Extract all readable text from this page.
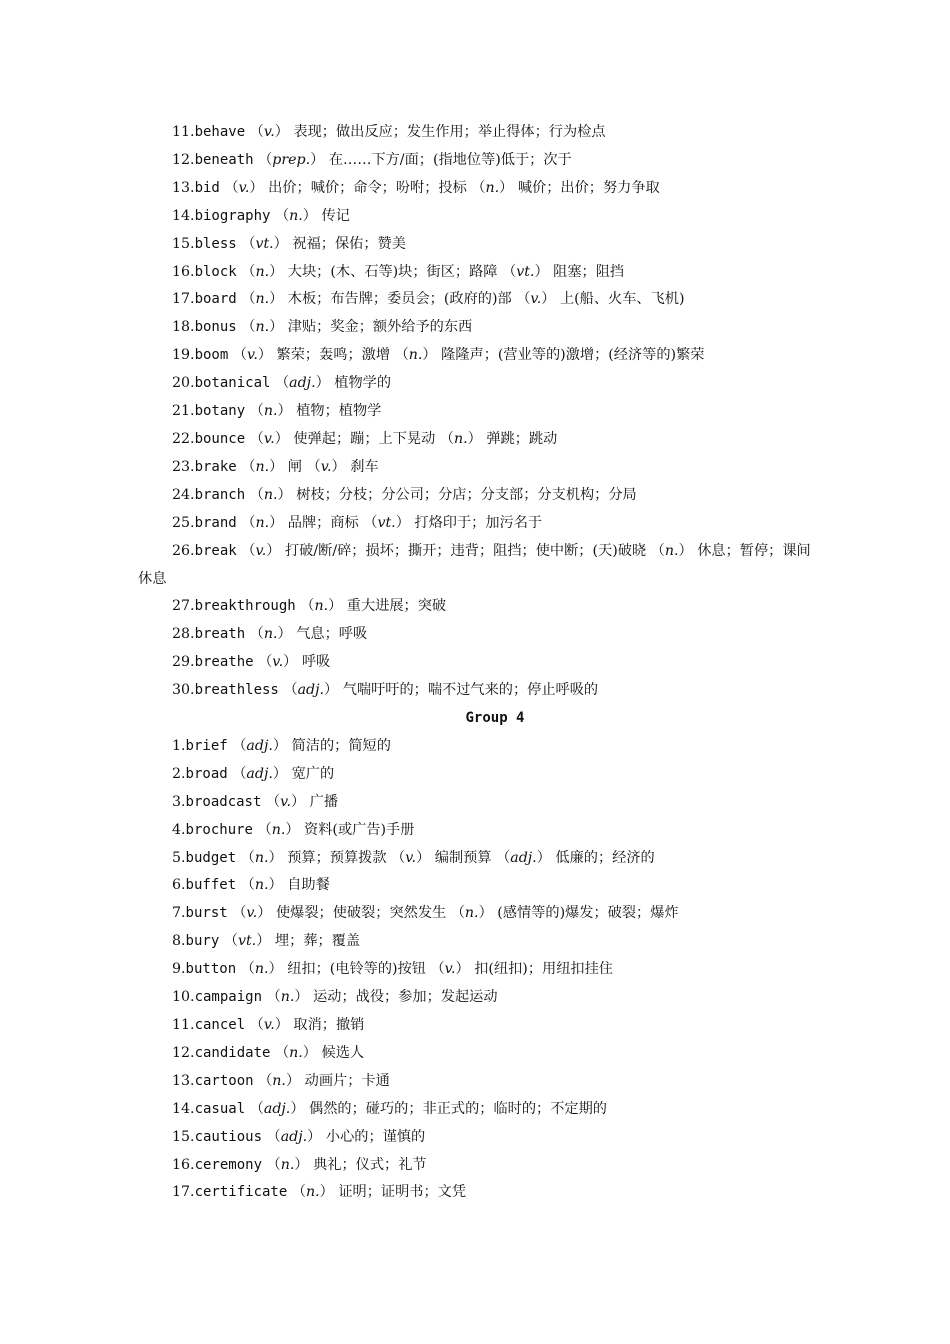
11.behave （v.） 表现；做出反应；发生作用；举止得体；行为检点
12.beneath （prep.） 在……下方/面；(指地位等)低于；次于
13.bid （v.） 出价；喊价；命令；吩咐；投标 （n.） 喊价；出价；努力争取
14.biography （n.） 传记
15.bless （vt.） 祝福；保佑；赞美
16.block （n.） 大块；(木、石等)块；街区；路障 （vt.） 阻塞；阻挡
17.board （n.） 木板；布告牌；委员会；(政府的)部 （v.） 上(船、火车、飞机)
18.bonus （n.） 津贴；奖金；额外给予的东西
19.boom （v.） 繁荣；轰鸣；激增 （n.） 隆隆声；(营业等的)激增；(经济等的)繁荣
20.botanical （adj.） 植物学的
21.botany （n.） 植物；植物学
22.bounce （v.） 使弹起；蹦；上下晃动 （n.） 弹跳；跳动
23.brake （n.） 闸 （v.） 刹车
24.branch （n.） 树枝；分枝；分公司；分店；分支部；分支机构；分局
25.brand （n.） 品牌；商标 （vt.） 打烙印于；加污名于
26.break （v.） 打破/断/碎；损坏；撕开；违背；阻挡；使中断；(天)破晓 （n.） 休息；暂停；课间休息
27.breakthrough （n.） 重大进展；突破
28.breath （n.） 气息；呼吸
29.breathe （v.） 呼吸
30.breathless （adj.） 气喘吁吁的；喘不过气来的；停止呼吸的
Group 4
1.brief （adj.） 简洁的；简短的
2.broad （adj.） 宽广的
3.broadcast （v.） 广播
4.brochure （n.） 资料(或广告)手册
5.budget （n.） 预算；预算拨款 （v.） 编制预算 （adj.） 低廉的；经济的
6.buffet （n.） 自助餐
7.burst （v.） 使爆裂；使破裂；突然发生 （n.） (感情等的)爆发；破裂；爆炸
8.bury （vt.） 埋；葬；覆盖
9.button （n.） 纽扣；(电铃等的)按钮 （v.） 扣(纽扣)；用纽扣挂住
10.campaign （n.） 运动；战役；参加；发起运动
11.cancel （v.） 取消；撤销
12.candidate （n.） 候选人
13.cartoon （n.） 动画片；卡通
14.casual （adj.） 偶然的；碰巧的；非正式的；临时的；不定期的
15.cautious （adj.） 小心的；谨慎的
16.ceremony （n.） 典礼；仪式；礼节
17.certificate （n.） 证明；证明书；文凭
